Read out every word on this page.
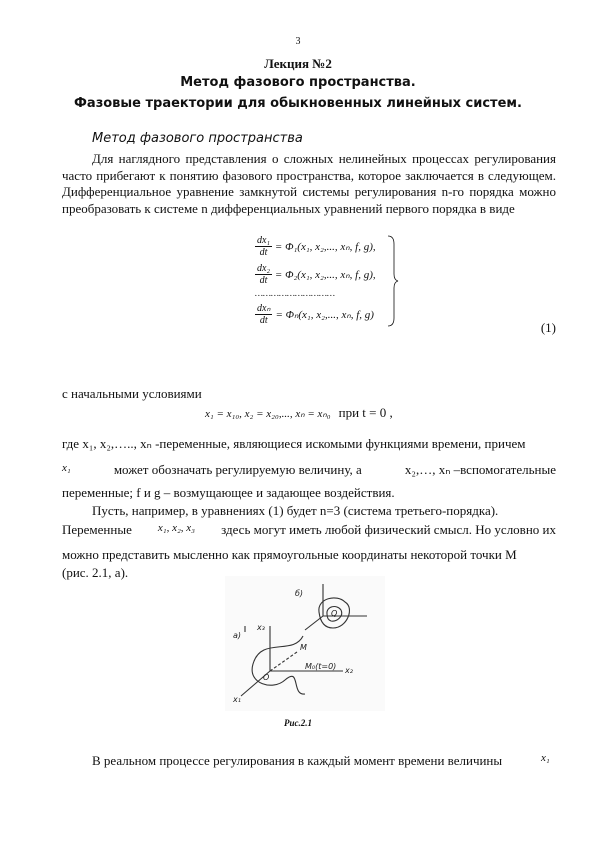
3
Лекция №2
Метод фазового пространства.
Фазовые траектории для обыкновенных линейных систем.
Метод фазового пространства
Для наглядного представления о сложных нелинейных процессах регулирования часто прибегают к понятию фазового пространства, которое заключается в следующем. Дифференциальное уравнение замкнутой системы регулирования n-го порядка можно преобразовать к системе n дифференциальных уравнений первого порядка в виде
$\frac{\text{dx₁}}{dt} = \Phi_1(x_1$, x₂,..., xₙ, f, g),
$\frac{\text{dx₂}}{dt} = \Phi_2(x_1$, x₂,..., xₙ, f, g),
…………………………
$\frac{\text{dxₙ}}{dt} = \Phi_n(x_1$, x₂,..., xₙ, f, g)
(1)
с начальными условиями
x₁ = x₁₀, x₂ = x₂₀,..., xₙ = xₙ₀ при t = 0 ,
где x₁, x₂,….., xₙ -переменные, являющиеся искомыми функциями времени, причем
x₁	может обозначать регулируемую величину, а	x₂,…, xₙ –вспомогательные
переменные; f и g – возмущающее и задающее воздействия.
Пусть, например, в уравнениях (1) будет n=3 (система третьего-порядка).
Переменные x₁, x₂, x₃ здесь могут иметь любой физический смысл. Но условно их
можно представить мысленно как прямоугольные координаты некоторой точки М
(рис. 2.1, а).
a)
б)
O
M
M₀(t=0)
Q
x₁
x₂
x₃
Рис.2.1
В реальном процессе регулирования в каждый момент времени величины	x₁
